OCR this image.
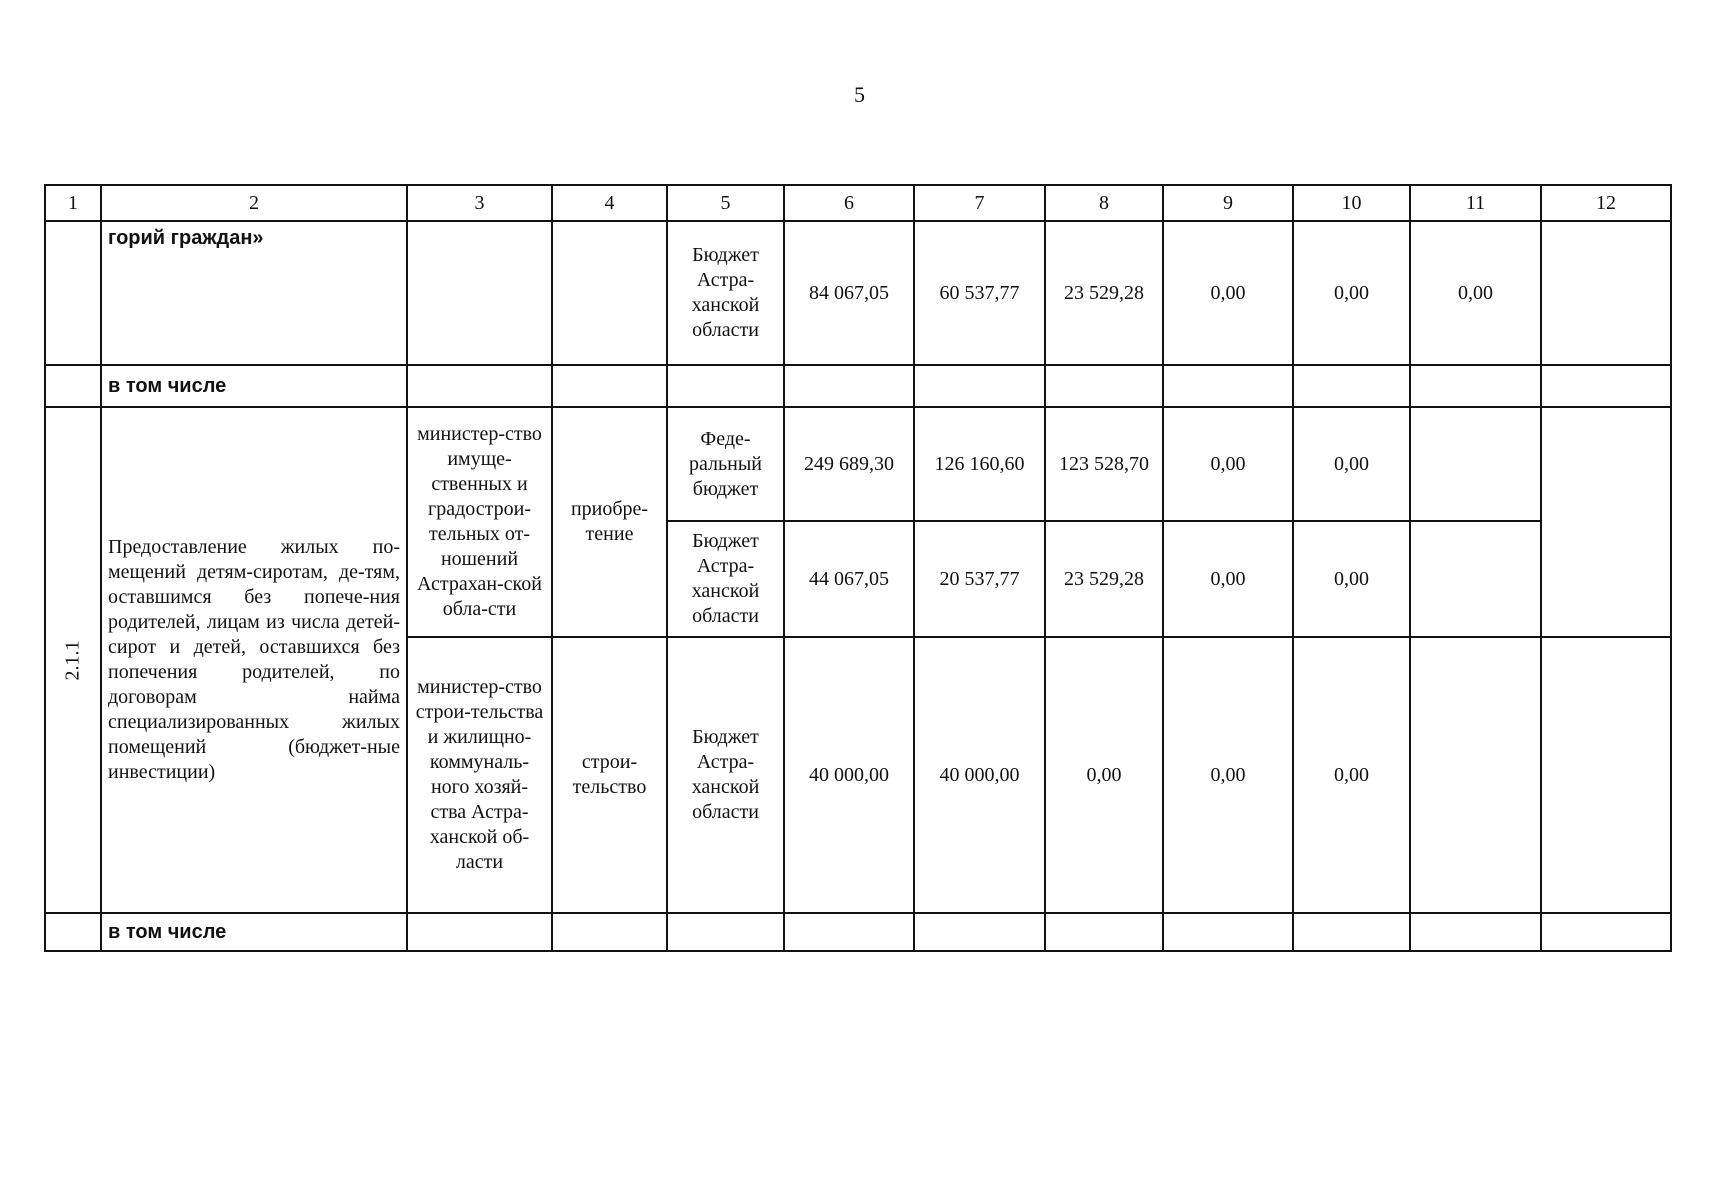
5
1	2	3	4	5	6	7	8	9	10	11	12
	горий граждан»			Бюджет Астра-ханской области	84 067,05	60 537,77	23 529,28	0,00	0,00	0,00	
	в том числе										
2.1.1	Предоставление жилых по-мещений детям-сиротам, де-тям, оставшимся без попече-ния родителей, лицам из числа детей-сирот и детей, оставшихся без попечения родителей, по договорам найма специализированных жилых помещений (бюджет-ные инвестиции)	министер-ство имуще-ственных и градострои-тельных от-ношений Астрахан-ской обла-сти	приобре-тение	Феде-ральный бюджет	249 689,30	126 160,60	123 528,70	0,00	0,00		
				Бюджет Астра-ханской области	44 067,05	20 537,77	23 529,28	0,00	0,00		
		министер-ство строи-тельства и жилищно-коммуналь-ного хозяй-ства Астра-ханской об-ласти	строи-тельство	Бюджет Астра-ханской области	40 000,00	40 000,00	0,00	0,00	0,00		
	в том числе										
